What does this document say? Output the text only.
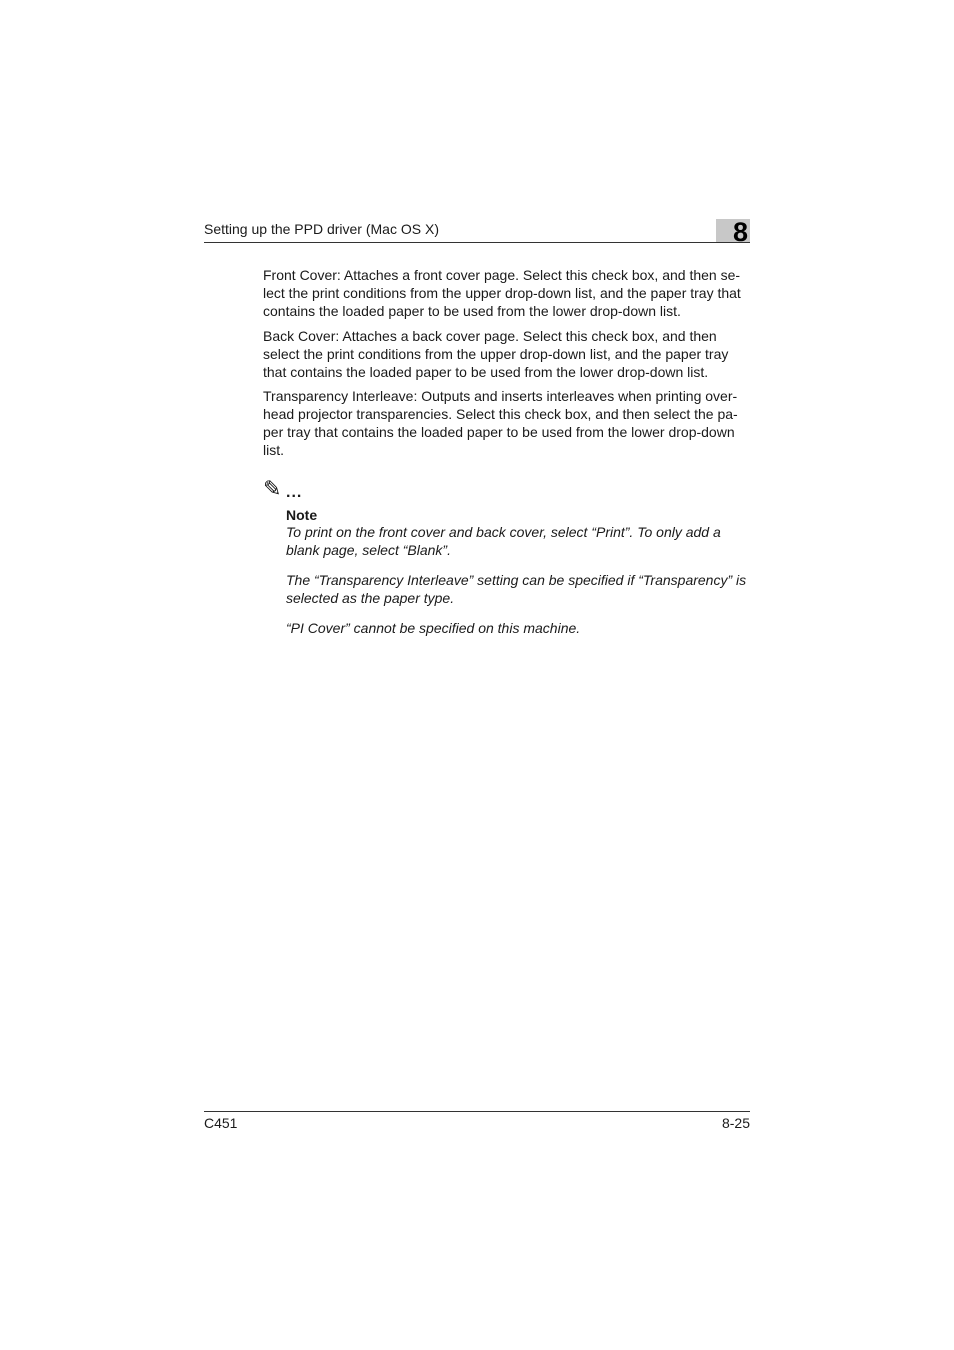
Setting up the PPD driver (Mac OS X)	8

Front Cover: Attaches a front cover page. Select this check box, and then se-lect the print conditions from the upper drop-down list, and the paper tray that contains the loaded paper to be used from the lower drop-down list.

Back Cover: Attaches a back cover page. Select this check box, and then select the print conditions from the upper drop-down list, and the paper tray that contains the loaded paper to be used from the lower drop-down list.

Transparency Interleave: Outputs and inserts interleaves when printing over-head projector transparencies. Select this check box, and then select the pa-per tray that contains the loaded paper to be used from the lower drop-down list.

✎ ...
Note

To print on the front cover and back cover, select “Print”. To only add a blank page, select “Blank”.

The “Transparency Interleave” setting can be specified if “Transparency” is selected as the paper type.

“PI Cover” cannot be specified on this machine.

C451	8-25
